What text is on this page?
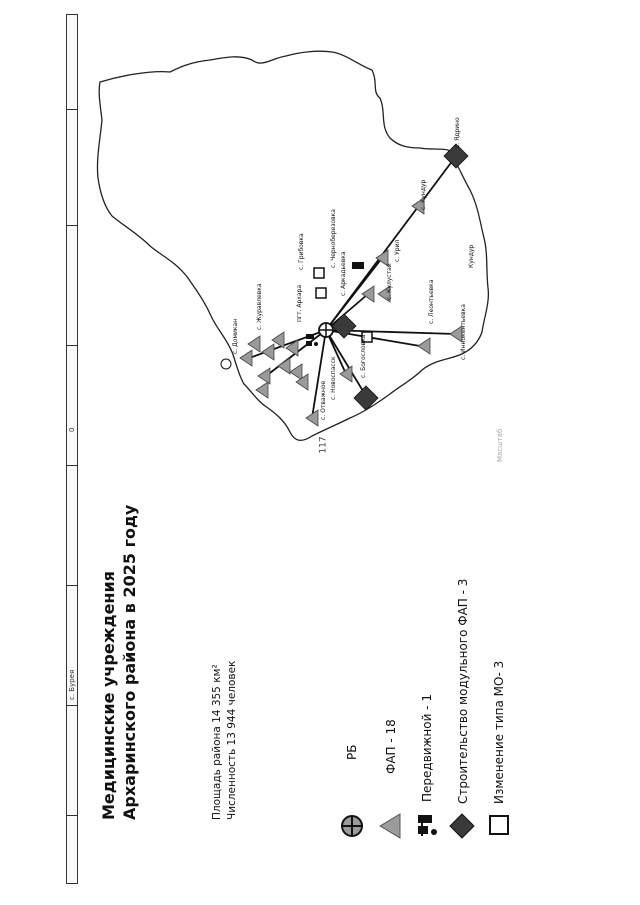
с. Бурея
0
117
Медицинские учреждения Архаринского района в 2025 году	Площадь района 14 355 км² Численность 13 944 человек	РБ ФАП - 18 Передвижной - 1 Строительство модульного ФАП - 3 Изменение типа МО- 3
с. Грибовка	с. Черноберезовка
с. Аркадьевка
пгт. Архара
с. Урил
с. Кундур
с. Кулустай	с. Леонтьевка
с. Богословка
с. Новоспасск
с. Иннокентьевка
с. Ядрино
с. Домикан
с. Журавлевка
с. Отважное
Кундур
Масштаб
